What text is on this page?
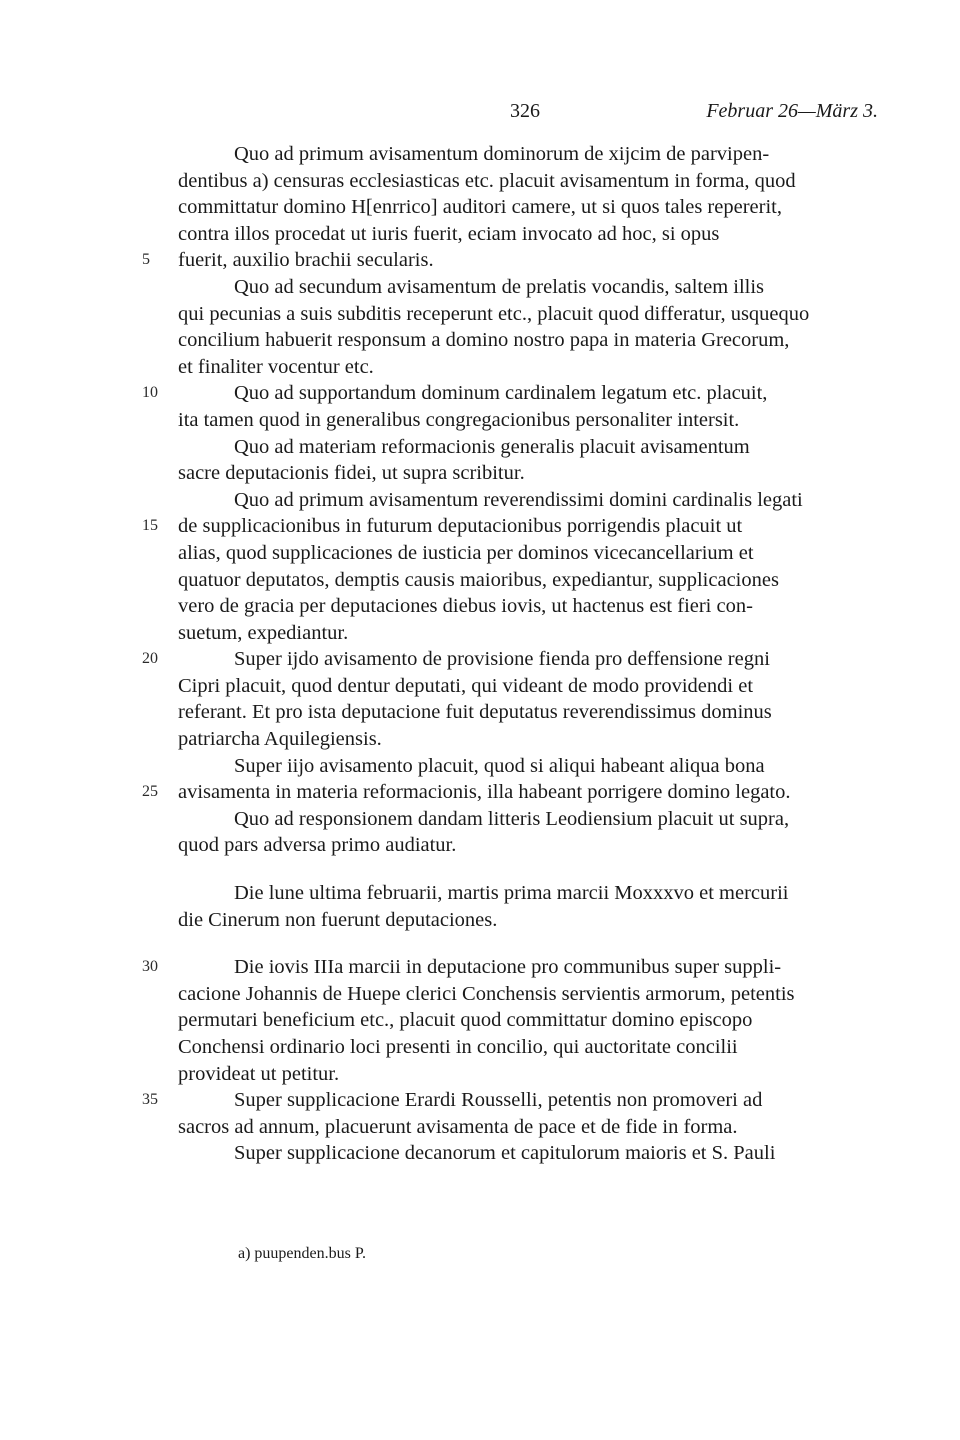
326	Februar 26—März 3.
Quo ad primum avisamentum dominorum de xijcim de parvipen-
dentibus a) censuras ecclesiasticas etc. placuit avisamentum in forma, quod
committatur domino H[enrrico] auditori camere, ut si quos tales repererit,
contra illos procedat ut iuris fuerit, eciam invocato ad hoc, si opus
5 fuerit, auxilio brachii secularis.
Quo ad secundum avisamentum de prelatis vocandis, saltem illis
qui pecunias a suis subditis receperunt etc., placuit quod differatur, usquequo
concilium habuerit responsum a domino nostro papa in materia Grecorum,
et finaliter vocentur etc.
10	Quo ad supportandum dominum cardinalem legatum etc. placuit,
ita tamen quod in generalibus congregacionibus personaliter intersit.
Quo ad materiam reformacionis generalis placuit avisamentum
sacre deputacionis fidei, ut supra scribitur.
Quo ad primum avisamentum reverendissimi domini cardinalis legati
15 de supplicacionibus in futurum deputacionibus porrigendis placuit ut
alias, quod supplicaciones de iusticia per dominos vicecancellarium et
quatuor deputatos, demptis causis maioribus, expediantur, supplicaciones
vero de gracia per deputaciones diebus iovis, ut hactenus est fieri con-
suetum, expediantur.
20	Super ijdo avisamento de provisione fienda pro deffensione regni
Cipri placuit, quod dentur deputati, qui videant de modo providendi et
referant. Et pro ista deputacione fuit deputatus reverendissimus dominus
patriarcha Aquilegiensis.
Super iijo avisamento placuit, quod si aliqui habeant aliqua bona
25 avisamenta in materia reformacionis, illa habeant porrigere domino legato.
Quo ad responsionem dandam litteris Leodiensium placuit ut supra,
quod pars adversa primo audiatur.
Die lune ultima februarii, martis prima marcii Moxxxvo et mercurii
die Cinerum non fuerunt deputaciones.
30	Die iovis IIIa marcii in deputacione pro communibus super suppli-
cacione Johannis de Huepe clerici Conchensis servientis armorum, petentis
permutari beneficium etc., placuit quod committatur domino episcopo
Conchensi ordinario loci presenti in concilio, qui auctoritate concilii
provideat ut petitur.
35	Super supplicacione Erardi Rousselli, petentis non promoveri ad
sacros ad annum, placuerunt avisamenta de pace et de fide in forma.
Super supplicacione decanorum et capitulorum maioris et S. Pauli
a) puupenden.bus P.
